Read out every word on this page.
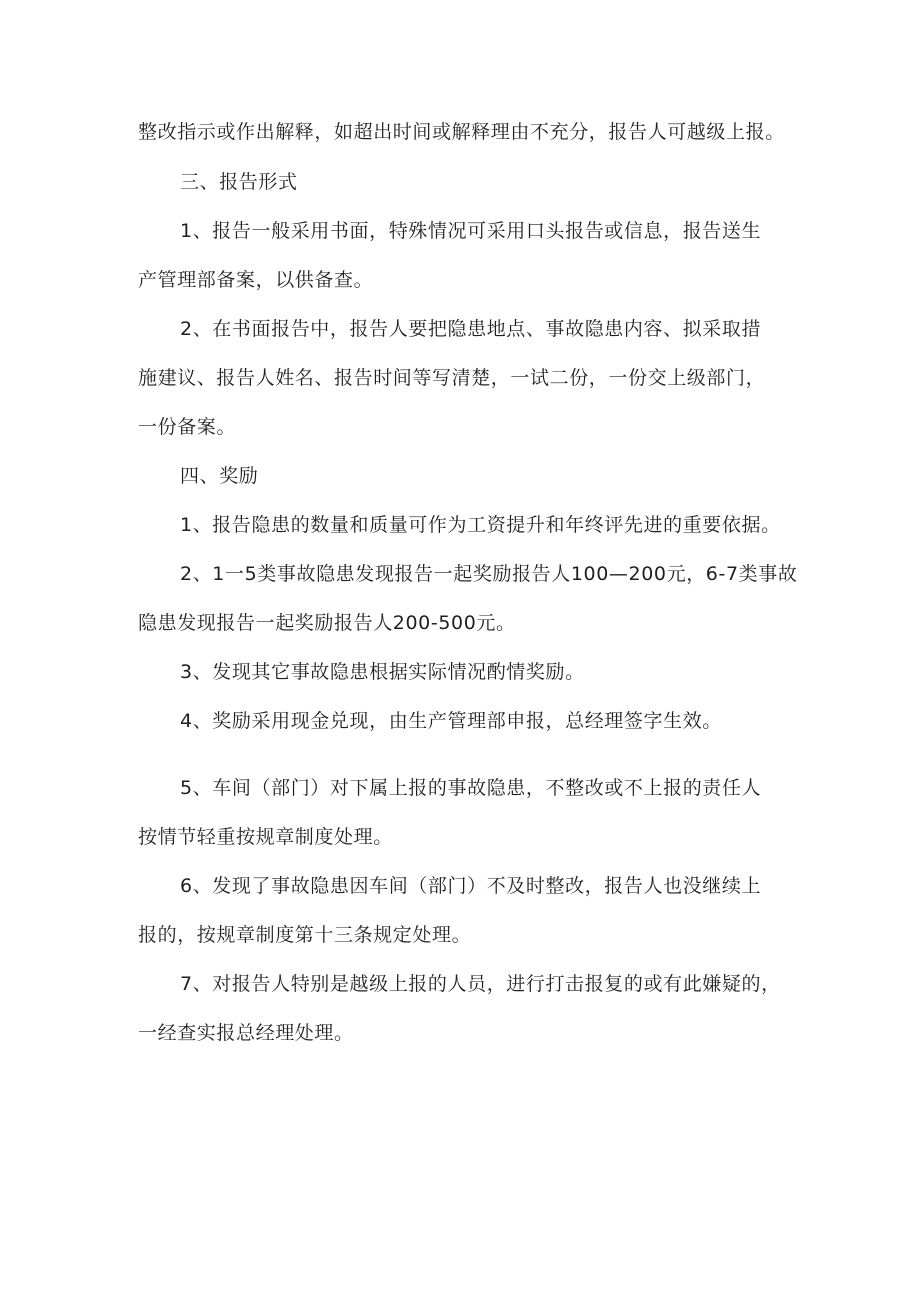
整改指示或作出解释，如超出时间或解释理由不充分，报告人可越级上报。

三、报告形式

1、报告一般采用书面，特殊情况可采用口头报告或信息，报告送生
产管理部备案，以供备查。

2、在书面报告中，报告人要把隐患地点、事故隐患内容、拟采取措
施建议、报告人姓名、报告时间等写清楚，一试二份，一份交上级部门，
一份备案。

四、奖励

1、报告隐患的数量和质量可作为工资提升和年终评先进的重要依据。

2、1一5类事故隐患发现报告一起奖励报告人100—200元，6-7类事故
隐患发现报告一起奖励报告人200-500元。

3、发现其它事故隐患根据实际情况酌情奖励。

4、奖励采用现金兑现，由生产管理部申报，总经理签字生效。

5、车间（部门）对下属上报的事故隐患，不整改或不上报的责任人
按情节轻重按规章制度处理。

6、发现了事故隐患因车间（部门）不及时整改，报告人也没继续上
报的，按规章制度第十三条规定处理。

7、对报告人特别是越级上报的人员，进行打击报复的或有此嫌疑的，
一经查实报总经理处理。
